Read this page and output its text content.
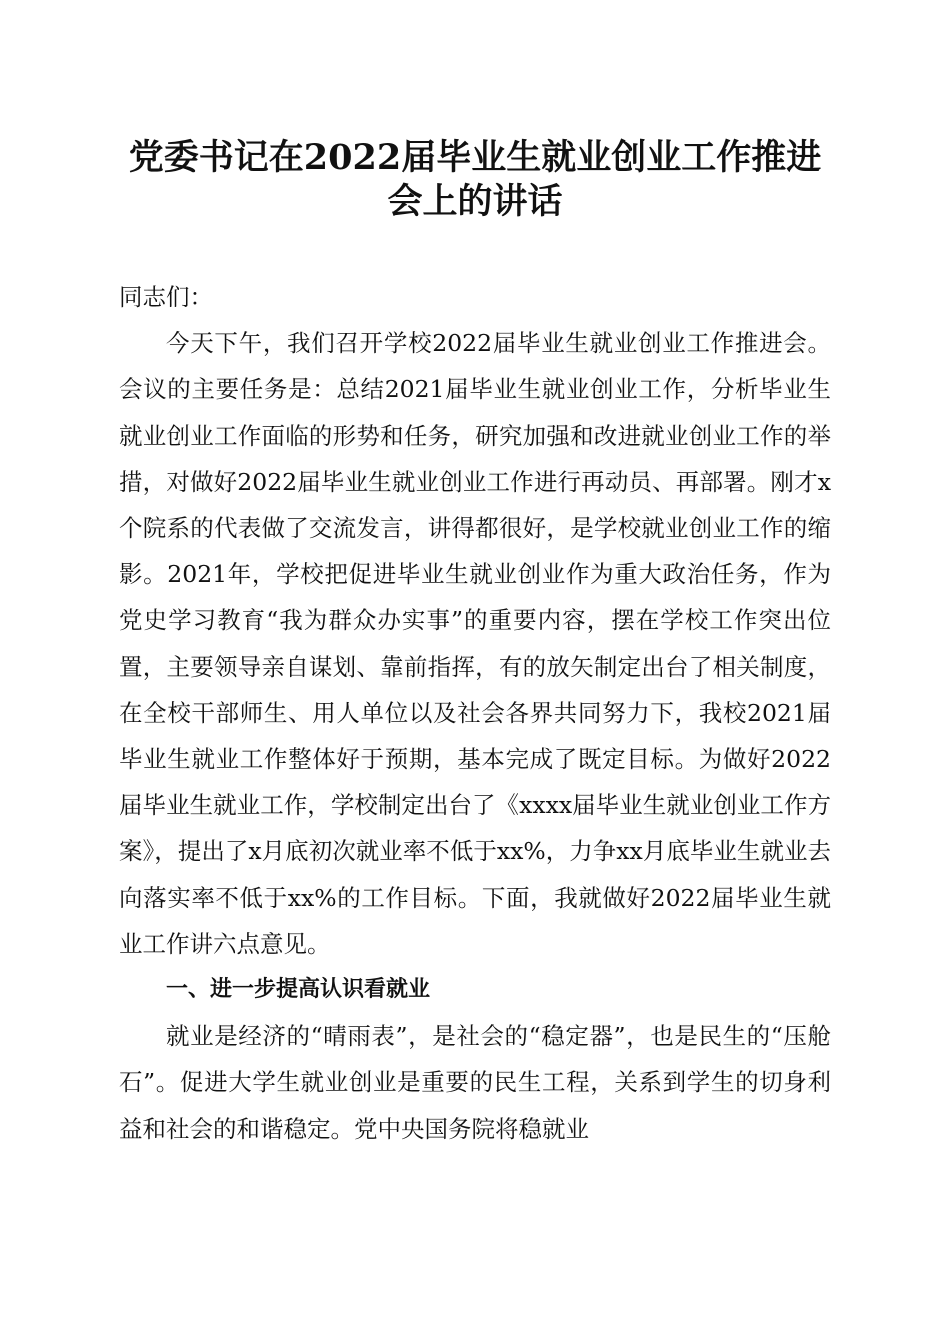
党委书记在2022届毕业生就业创业工作推进
会上的讲话

同志们：

今天下午，我们召开学校2022届毕业生就业创业工作推进会。会议的主要任务是：总结2021届毕业生就业创业工作，分析毕业生就业创业工作面临的形势和任务，研究加强和改进就业创业工作的举措，对做好2022届毕业生就业创业工作进行再动员、再部署。刚才x个院系的代表做了交流发言，讲得都很好，是学校就业创业工作的缩影。2021年，学校把促进毕业生就业创业作为重大政治任务，作为党史学习教育“我为群众办实事”的重要内容，摆在学校工作突出位置，主要领导亲自谋划、靠前指挥，有的放矢制定出台了相关制度，在全校干部师生、用人单位以及社会各界共同努力下，我校2021届毕业生就业工作整体好于预期，基本完成了既定目标。为做好2022届毕业生就业工作，学校制定出台了《xxxx届毕业生就业创业工作方案》，提出了x月底初次就业率不低于xx%，力争xx月底毕业生就业去向落实率不低于xx%的工作目标。下面，我就做好2022届毕业生就业工作讲六点意见。

一、进一步提高认识看就业

就业是经济的“晴雨表”，是社会的“稳定器”，也是民生的“压舱石”。促进大学生就业创业是重要的民生工程，关系到学生的切身利益和社会的和谐稳定。党中央国务院将稳就业
